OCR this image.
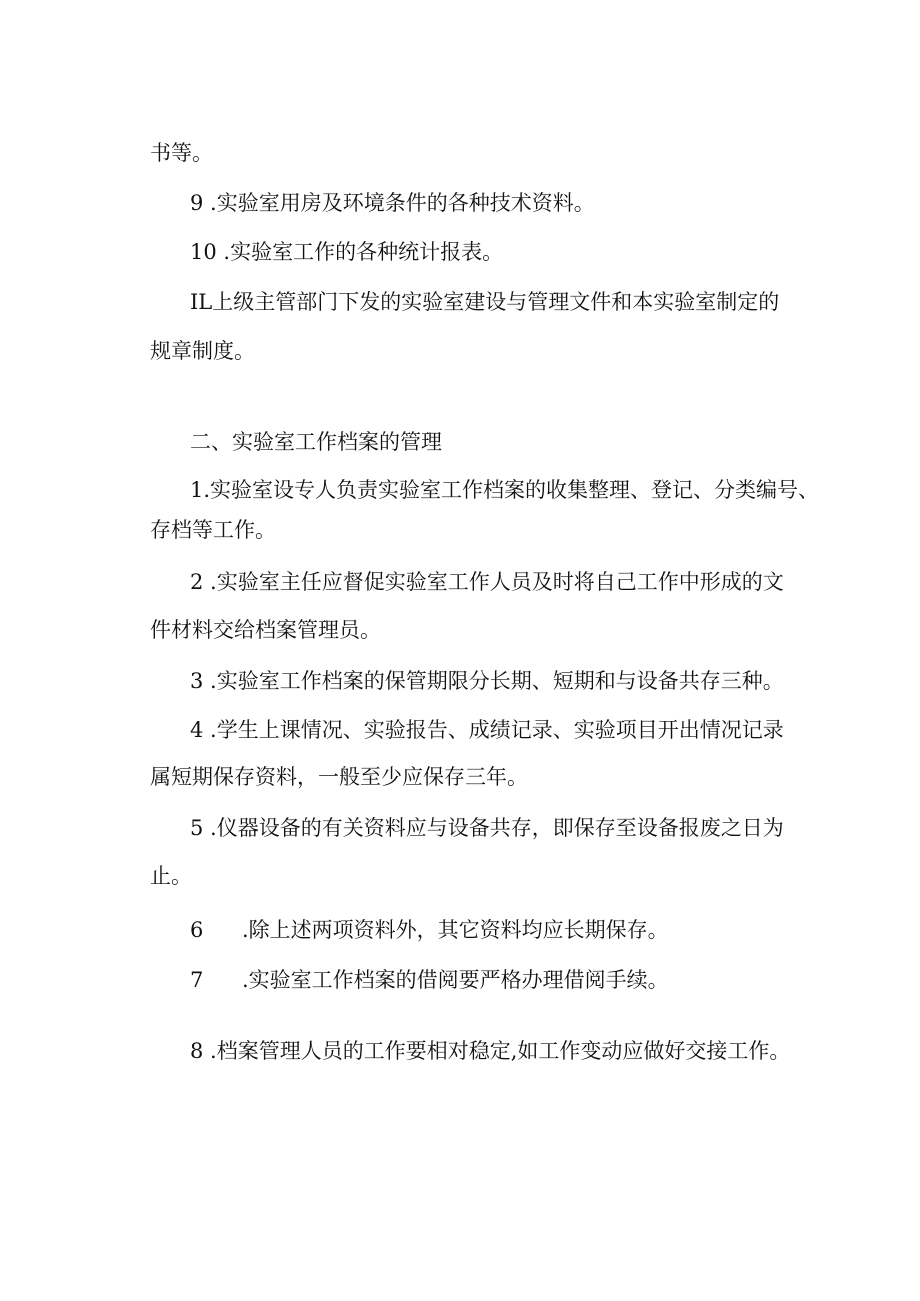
书等。
9 .实验室用房及环境条件的各种技术资料。
10 .实验室工作的各种统计报表。
IL上级主管部门下发的实验室建设与管理文件和本实验室制定的
规章制度。
二、实验室工作档案的管理
1.实验室设专人负责实验室工作档案的收集整理、登记、分类编号、
存档等工作。
2 .实验室主任应督促实验室工作人员及时将自己工作中形成的文
件材料交给档案管理员。
3 .实验室工作档案的保管期限分长期、短期和与设备共存三种。
4 .学生上课情况、实验报告、成绩记录、实验项目开出情况记录
属短期保存资料，一般至少应保存三年。
5 .仪器设备的有关资料应与设备共存，即保存至设备报废之日为
止。
6 .除上述两项资料外，其它资料均应长期保存。
7 .实验室工作档案的借阅要严格办理借阅手续。
8 .档案管理人员的工作要相对稳定,如工作变动应做好交接工作。
